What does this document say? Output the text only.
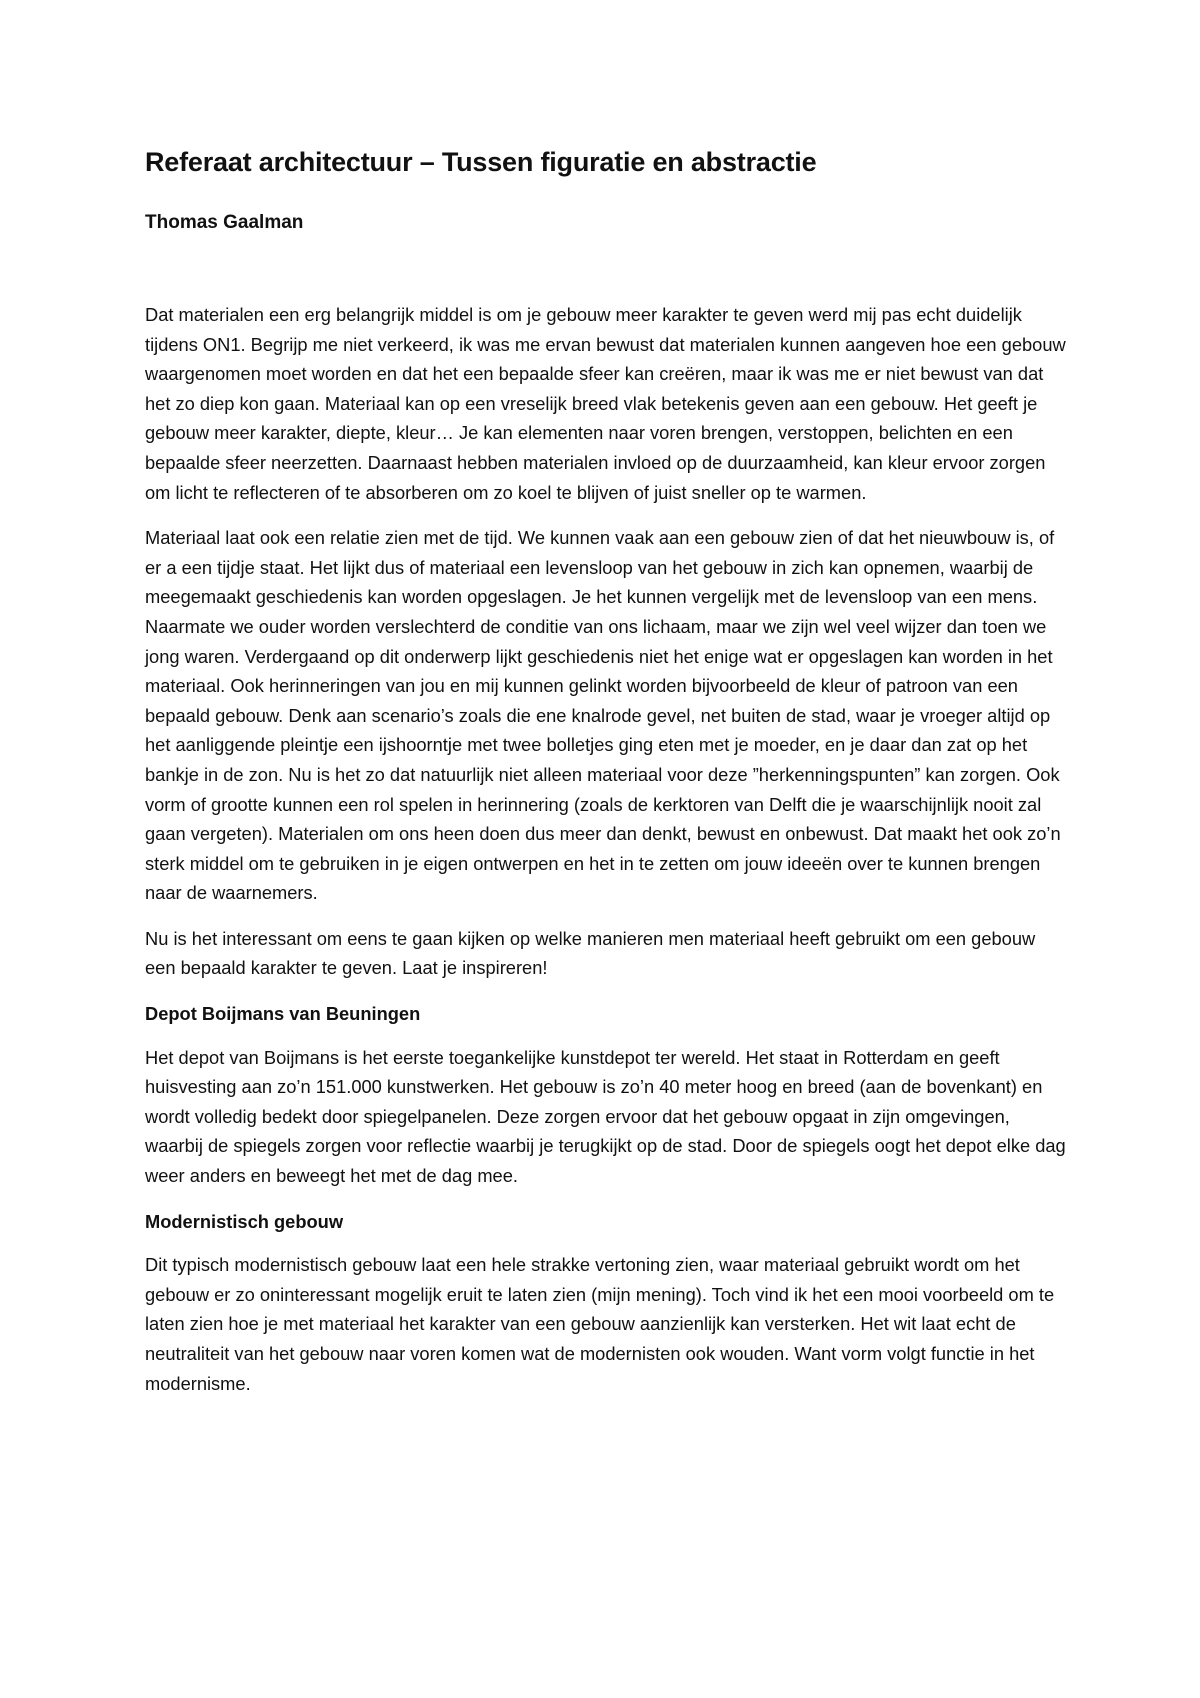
Referaat architectuur – Tussen figuratie en abstractie
Thomas Gaalman

Dat materialen een erg belangrijk middel is om je gebouw meer karakter te geven werd mij pas echt duidelijk tijdens ON1. Begrijp me niet verkeerd, ik was me ervan bewust dat materialen kunnen aangeven hoe een gebouw waargenomen moet worden en dat het een bepaalde sfeer kan creëren, maar ik was me er niet bewust van dat het zo diep kon gaan. Materiaal kan op een vreselijk breed vlak betekenis geven aan een gebouw. Het geeft je gebouw meer karakter, diepte, kleur… Je kan elementen naar voren brengen, verstoppen, belichten en een bepaalde sfeer neerzetten. Daarnaast hebben materialen invloed op de duurzaamheid, kan kleur ervoor zorgen om licht te reflecteren of te absorberen om zo koel te blijven of juist sneller op te warmen.

Materiaal laat ook een relatie zien met de tijd. We kunnen vaak aan een gebouw zien of dat het nieuwbouw is, of er a een tijdje staat. Het lijkt dus of materiaal een levensloop van het gebouw in zich kan opnemen, waarbij de meegemaakt geschiedenis kan worden opgeslagen. Je het kunnen vergelijk met de levensloop van een mens. Naarmate we ouder worden verslechterd de conditie van ons lichaam, maar we zijn wel veel wijzer dan toen we jong waren. Verdergaand op dit onderwerp lijkt geschiedenis niet het enige wat er opgeslagen kan worden in het materiaal. Ook herinneringen van jou en mij kunnen gelinkt worden bijvoorbeeld de kleur of patroon van een bepaald gebouw. Denk aan scenario’s zoals die ene knalrode gevel, net buiten de stad, waar je vroeger altijd op het aanliggende pleintje een ijshoorntje met twee bolletjes ging eten met je moeder, en je daar dan zat op het bankje in de zon. Nu is het zo dat natuurlijk niet alleen materiaal voor deze ”herkenningspunten” kan zorgen. Ook vorm of grootte kunnen een rol spelen in herinnering (zoals de kerktoren van Delft die je waarschijnlijk nooit zal gaan vergeten). Materialen om ons heen doen dus meer dan denkt, bewust en onbewust. Dat maakt het ook zo’n sterk middel om te gebruiken in je eigen ontwerpen en het in te zetten om jouw ideeën over te kunnen brengen naar de waarnemers.

Nu is het interessant om eens te gaan kijken op welke manieren men materiaal heeft gebruikt om een gebouw een bepaald karakter te geven. Laat je inspireren!

Depot Boijmans van Beuningen

Het depot van Boijmans is het eerste toegankelijke kunstdepot ter wereld. Het staat in Rotterdam en geeft huisvesting aan zo’n 151.000 kunstwerken. Het gebouw is zo’n 40 meter hoog en breed (aan de bovenkant) en wordt volledig bedekt door spiegelpanelen. Deze zorgen ervoor dat het gebouw opgaat in zijn omgevingen, waarbij de spiegels zorgen voor reflectie waarbij je terugkijkt op de stad. Door de spiegels oogt het depot elke dag weer anders en beweegt het met de dag mee.

Modernistisch gebouw

Dit typisch modernistisch gebouw laat een hele strakke vertoning zien, waar materiaal gebruikt wordt om het gebouw er zo oninteressant mogelijk eruit te laten zien (mijn mening). Toch vind ik het een mooi voorbeeld om te laten zien hoe je met materiaal het karakter van een gebouw aanzienlijk kan versterken. Het wit laat echt de neutraliteit van het gebouw naar voren komen wat de modernisten ook wouden. Want vorm volgt functie in het modernisme.
